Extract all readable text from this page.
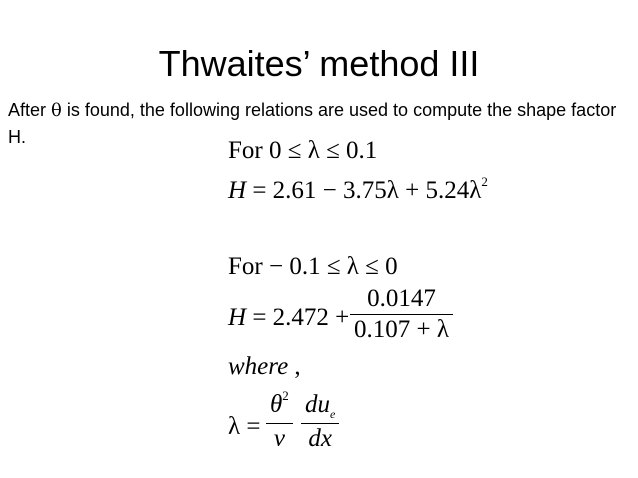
Thwaites’ method III
After θ is found, the following relations are used to compute the shape factor H.	For 0 ≤ λ ≤ 0.1
$H = 2.61 - 3.75\lambda + 5.24\lambda^2$
For − 0.1 ≤ λ ≤ 0
H = 2.472 +
0.0147
0.107 + λ
where ,
λ =
$\theta^2$
ν
$du_e$
dx
